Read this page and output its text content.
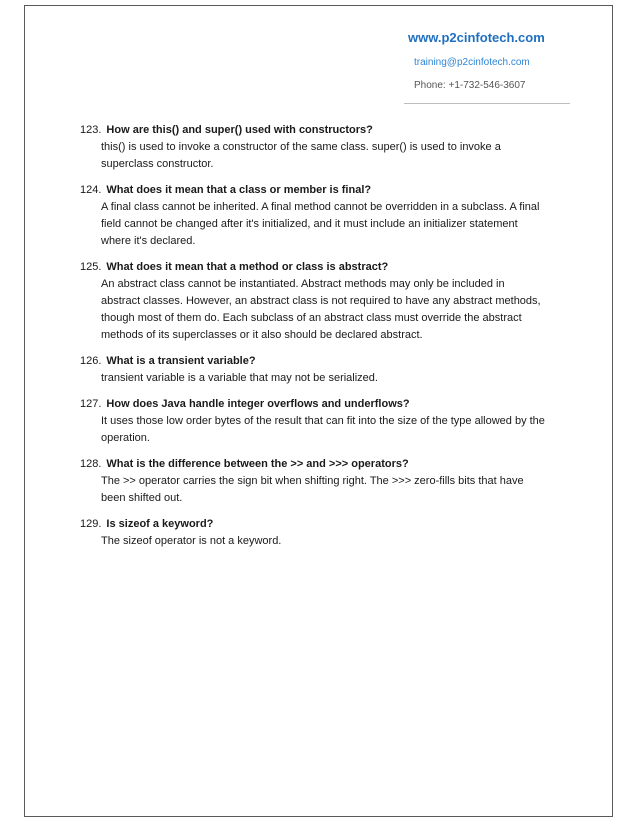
www.p2cinfotech.com
training@p2cinfotech.com
Phone: +1-732-546-3607
123. How are this() and super() used with constructors?
this() is used to invoke a constructor of the same class. super() is used to invoke a
superclass constructor.
124. What does it mean that a class or member is final?
A final class cannot be inherited. A final method cannot be overridden in a subclass. A final
field cannot be changed after it's initialized, and it must include an initializer statement
where it's declared.
125. What does it mean that a method or class is abstract?
An abstract class cannot be instantiated. Abstract methods may only be included in
abstract classes. However, an abstract class is not required to have any abstract methods,
though most of them do. Each subclass of an abstract class must override the abstract
methods of its superclasses or it also should be declared abstract.
126. What is a transient variable?
transient variable is a variable that may not be serialized.
127. How does Java handle integer overflows and underflows?
It uses those low order bytes of the result that can fit into the size of the type allowed by the
operation.
128. What is the difference between the >> and >>> operators?
The >> operator carries the sign bit when shifting right. The >>> zero-fills bits that have
been shifted out.
129. Is sizeof a keyword?
The sizeof operator is not a keyword.
